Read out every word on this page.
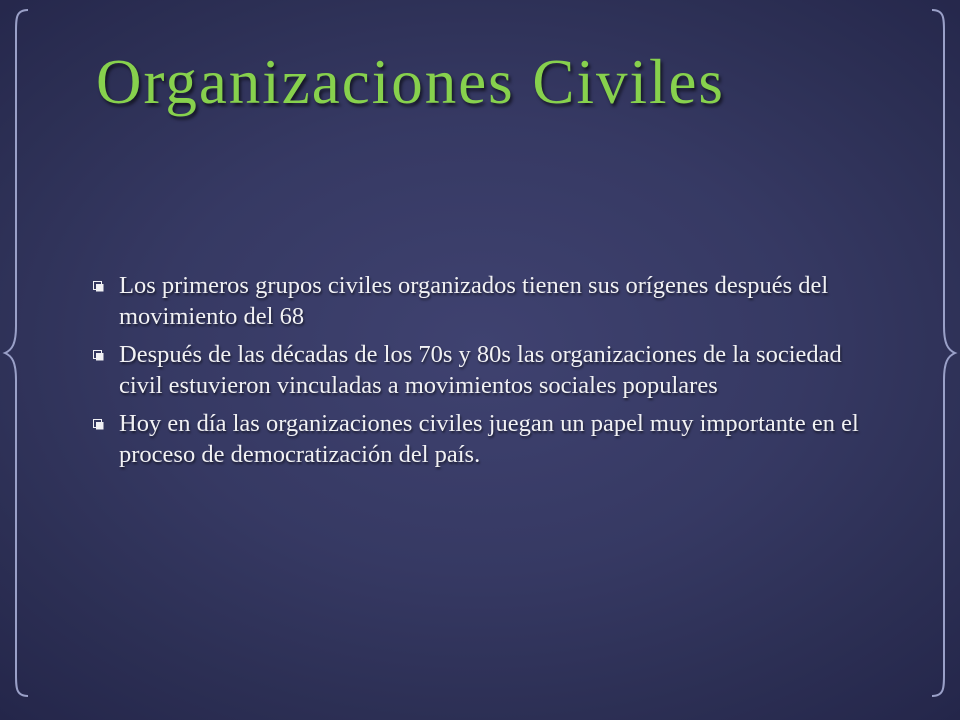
Organizaciones Civiles
Los primeros grupos civiles organizados tienen sus orígenes después del movimiento del 68
Después de las décadas de los 70s y 80s las organizaciones de la sociedad civil estuvieron vinculadas a movimientos sociales populares
Hoy en día las organizaciones civiles juegan un papel muy importante en el proceso de democratización del país.
